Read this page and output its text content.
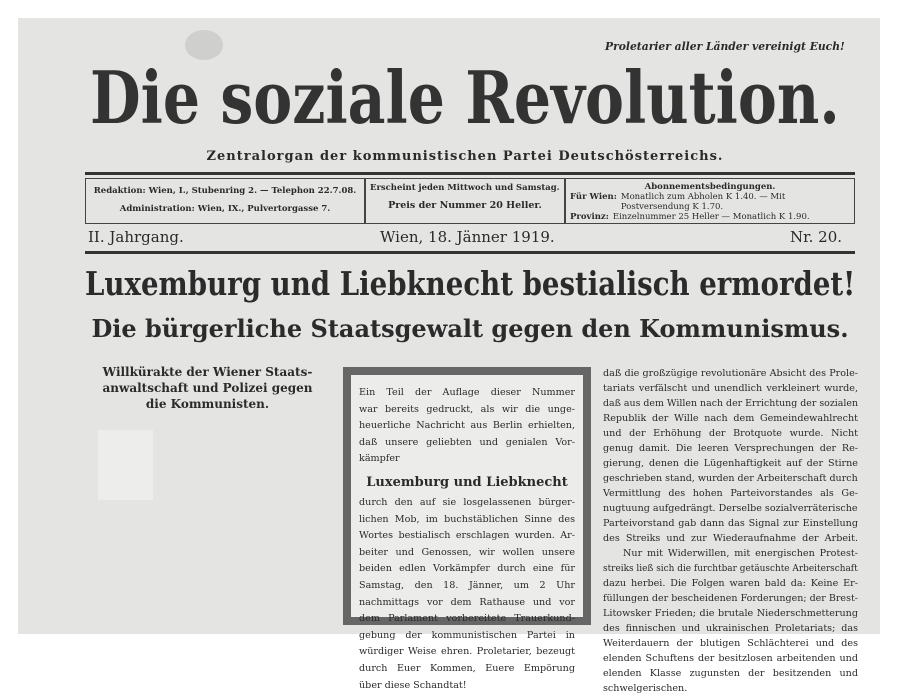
Proletarier aller Länder vereinigt Euch!
Die soziale Revolution.
Zentralorgan der kommunistischen Partei Deutschösterreichs.
Redaktion: Wien, I., Stubenring 2. — Telephon 22.7.08.
Administration: Wien, IX., Pulvertorgasse 7.
Erscheint jeden Mittwoch und Samstag.
Preis der Nummer 20 Heller.
Abonnementsbedingungen.
Für Wien: Monatlich zum Abholen K 1.40. — Mit Postversendung K 1.70.
Provinz: Einzelnummer 25 Heller — Monatlich K 1.90.
II. Jahrgang.	Wien, 18. Jänner 1919.	Nr. 20.
Luxemburg und Liebknecht bestialisch ermordet!
Die bürgerliche Staatsgewalt gegen den Kommunismus.
Willkürakte der Wiener Staats-
anwaltschaft und Polizei gegen
die Kommunisten.
Ein Teil der Auflage dieser Nummer
war bereits gedruckt, als wir die unge-
heuerliche Nachricht aus Berlin erhielten,
daß unsere geliebten und genialen Vor-
kämpfer
Luxemburg und Liebknecht
durch den auf sie losgelassenen bürger-
lichen Mob, im buchstäblichen Sinne des
Wortes bestialisch erschlagen wurden. Ar-
beiter und Genossen, wir wollen unsere
beiden edlen Vorkämpfer durch eine für
Samstag, den 18. Jänner, um 2 Uhr
nachmittags vor dem Rathause und vor
dem Parlament vorbereitete Trauerkund-
gebung der kommunistischen Partei in
würdiger Weise ehren. Proletarier, bezeugt
durch Euer Kommen, Euere Empörung
über diese Schandtat!
daß die großzügige revolutionäre Absicht des Prole-
tariats verfälscht und unendlich verkleinert wurde,
daß aus dem Willen nach der Errichtung der sozialen
Republik der Wille nach dem Gemeindewahlrecht
und der Erhöhung der Brotquote wurde. Nicht
genug damit. Die leeren Versprechungen der Re-
gierung, denen die Lügenhaftigkeit auf der Stirne
geschrieben stand, wurden der Arbeiterschaft durch
Vermittlung des hohen Parteivorstandes als Ge-
nugtuung aufgedrängt. Derselbe sozialverräterische
Parteivorstand gab dann das Signal zur Einstellung
des Streiks und zur Wiederaufnahme der Arbeit.
Nur mit Widerwillen, mit energischen Protest-
streiks ließ sich die furchtbar getäuschte Arbeiterschaft
dazu herbei. Die Folgen waren bald da: Keine Er-
füllungen der bescheidenen Forderungen; der Brest-
Litowsker Frieden; die brutale Niederschmetterung
des finnischen und ukrainischen Proletariats; das
Weiterdauern der blutigen Schlächterei und des
elenden Schuftens der besitzlosen arbeitenden und
elenden Klasse zugunsten der besitzenden und
schwelgerischen.
